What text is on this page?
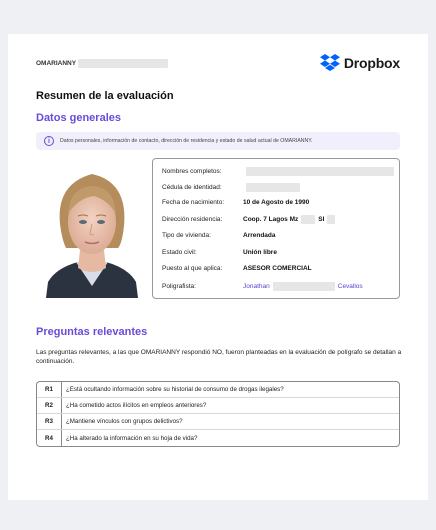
OMARIANNY	Dropbox
Resumen de la evaluación
Datos generales
i	Datos personales, información de contacto, dirección de residencia y estado de salud actual de OMARIANNY.
Nombres completos:
Cédula de identidad:
Fecha de nacimiento:	10 de Agosto de 1990
Dirección residencia:	Coop. 7 Lagos Mz	SI
Tipo de vivienda:	Arrendada
Estado civil:	Unión libre
Puesto al que aplica:	ASESOR COMERCIAL
Poligrafista:	Jonathan	Cevallos
Preguntas relevantes
Las preguntas relevantes, a las que OMARIANNY respondió NO, fueron planteadas en la evaluación de polígrafo se detallan a continuación.
R1	¿Está ocultando información sobre su historial de consumo de drogas ilegales?
R2	¿Ha cometido actos ilícitos en empleos anteriores?
R3	¿Mantiene vínculos con grupos delictivos?
R4	¿Ha alterado la información en su hoja de vida?
